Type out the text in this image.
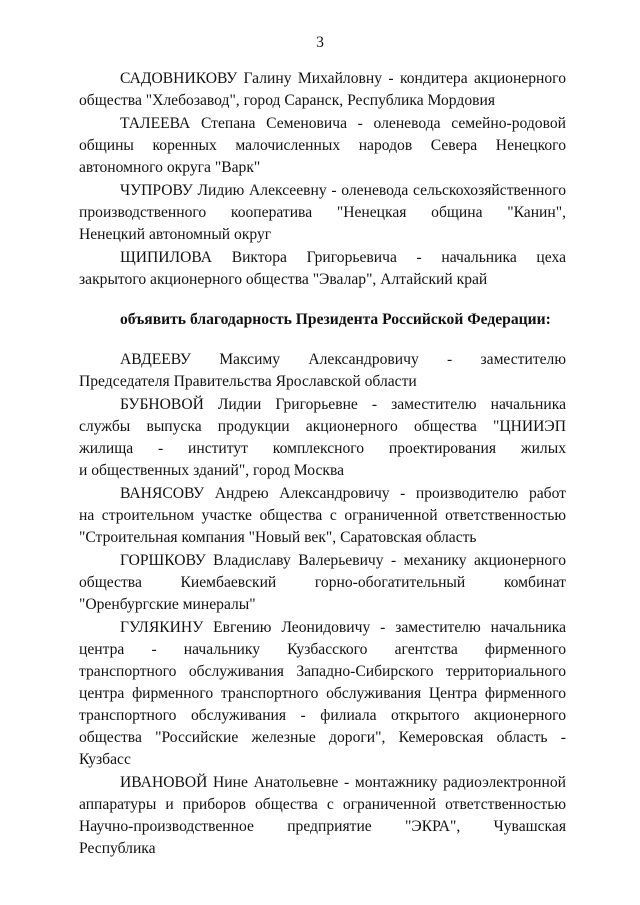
3
САДОВНИКОВУ Галину Михайловну - кондитера акционерного
общества "Хлебозавод", город Саранск, Республика Мордовия
ТАЛЕЕВА Степана Семеновича - оленевода семейно-родовой
общины коренных малочисленных народов Севера Ненецкого
автономного округа "Варк"
ЧУПРОВУ Лидию Алексеевну - оленевода сельскохозяйственного
производственного кооператива "Ненецкая община "Канин",
Ненецкий автономный округ
ЩИПИЛОВА Виктора Григорьевича - начальника цеха
закрытого акционерного общества "Эвалар", Алтайский край
объявить благодарность Президента Российской Федерации:
АВДЕЕВУ Максиму Александровичу - заместителю
Председателя Правительства Ярославской области
БУБНОВОЙ Лидии Григорьевне - заместителю начальника
службы выпуска продукции акционерного общества "ЦНИИЭП
жилища - институт комплексного проектирования жилых
и общественных зданий", город Москва
ВАНЯСОВУ Андрею Александровичу - производителю работ
на строительном участке общества с ограниченной ответственностью
"Строительная компания "Новый век", Саратовская область
ГОРШКОВУ Владиславу Валерьевичу - механику акционерного
общества Киембаевский горно-обогатительный комбинат
"Оренбургские минералы"
ГУЛЯКИНУ Евгению Леонидовичу - заместителю начальника
центра - начальнику Кузбасского агентства фирменного
транспортного обслуживания Западно-Сибирского территориального
центра фирменного транспортного обслуживания Центра фирменного
транспортного обслуживания - филиала открытого акционерного
общества "Российские железные дороги", Кемеровская область -
Кузбасс
ИВАНОВОЙ Нине Анатольевне - монтажнику радиоэлектронной
аппаратуры и приборов общества с ограниченной ответственностью
Научно-производственное предприятие "ЭКРА", Чувашская
Республика
